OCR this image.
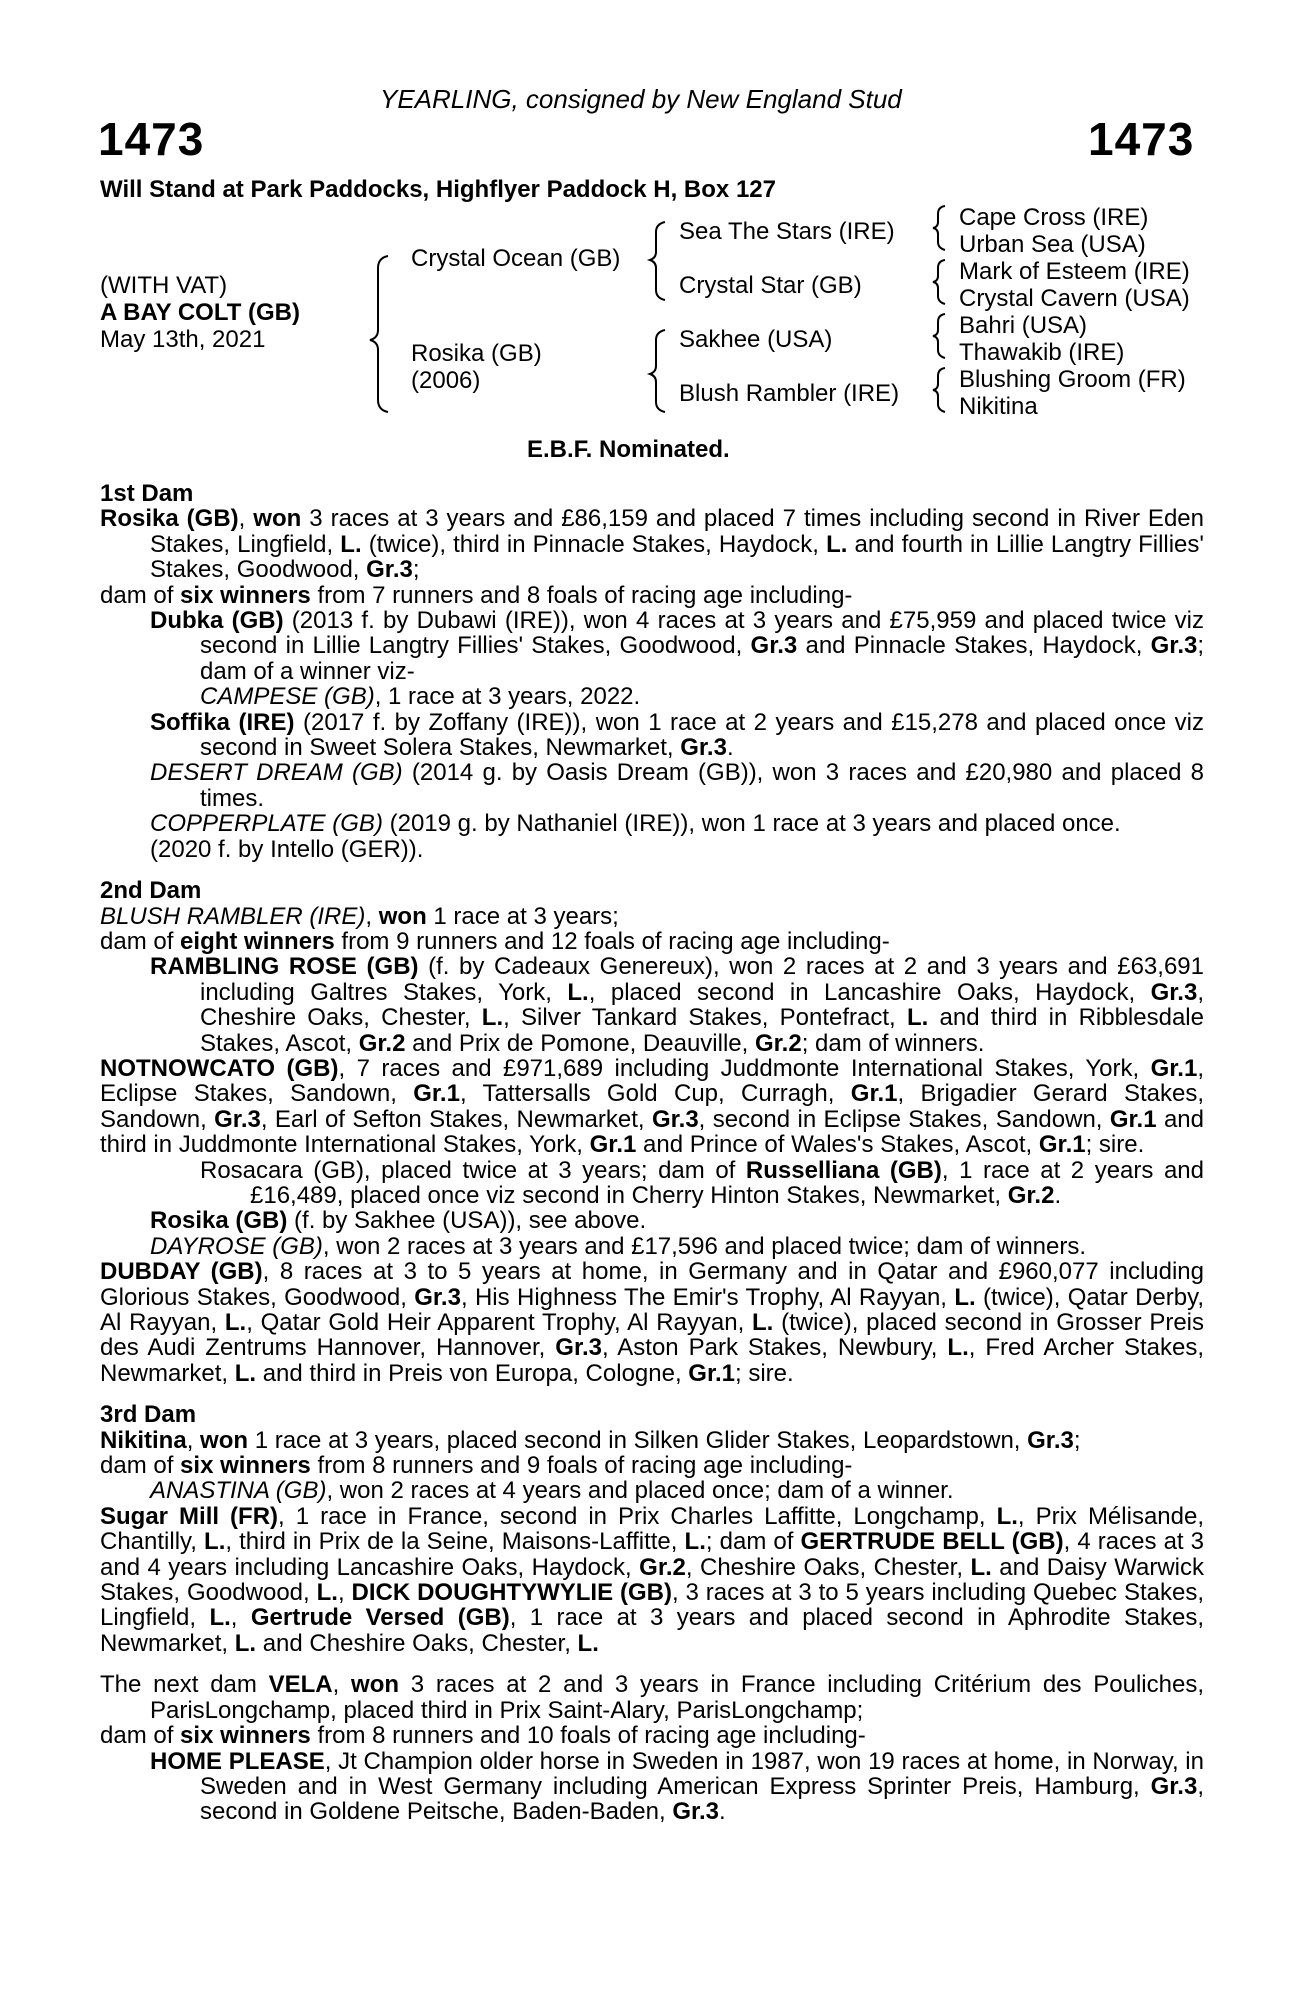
YEARLING, consigned by New England Stud
1473	1473
Will Stand at Park Paddocks, Highflyer Paddock H, Box 127
(WITH VAT)
A BAY COLT (GB)
May 13th, 2021
Crystal Ocean (GB)
Rosika (GB)
(2006)
Sea The Stars (IRE)
Crystal Star (GB)
Sakhee (USA)
Blush Rambler (IRE)
Cape Cross (IRE)
Urban Sea (USA)
Mark of Esteem (IRE)
Crystal Cavern (USA)
Bahri (USA)
Thawakib (IRE)
Blushing Groom (FR)
Nikitina
E.B.F. Nominated.
1st Dam
Rosika (GB), won 3 races at 3 years and £86,159 and placed 7 times including second in River Eden Stakes, Lingfield, L. (twice), third in Pinnacle Stakes, Haydock, L. and fourth in Lillie Langtry Fillies' Stakes, Goodwood, Gr.3;
dam of six winners from 7 runners and 8 foals of racing age including-
Dubka (GB) (2013 f. by Dubawi (IRE)), won 4 races at 3 years and £75,959 and placed twice viz second in Lillie Langtry Fillies' Stakes, Goodwood, Gr.3 and Pinnacle Stakes, Haydock, Gr.3; dam of a winner viz-
CAMPESE (GB), 1 race at 3 years, 2022.
Soffika (IRE) (2017 f. by Zoffany (IRE)), won 1 race at 2 years and £15,278 and placed once viz second in Sweet Solera Stakes, Newmarket, Gr.3.
DESERT DREAM (GB) (2014 g. by Oasis Dream (GB)), won 3 races and £20,980 and placed 8 times.
COPPERPLATE (GB) (2019 g. by Nathaniel (IRE)), won 1 race at 3 years and placed once.
(2020 f. by Intello (GER)).
2nd Dam
BLUSH RAMBLER (IRE), won 1 race at 3 years;
dam of eight winners from 9 runners and 12 foals of racing age including-
RAMBLING ROSE (GB) (f. by Cadeaux Genereux), won 2 races at 2 and 3 years and £63,691 including Galtres Stakes, York, L., placed second in Lancashire Oaks, Haydock, Gr.3, Cheshire Oaks, Chester, L., Silver Tankard Stakes, Pontefract, L. and third in Ribblesdale Stakes, Ascot, Gr.2 and Prix de Pomone, Deauville, Gr.2; dam of winners.
NOTNOWCATO (GB), 7 races and £971,689 including Juddmonte International Stakes, York, Gr.1, Eclipse Stakes, Sandown, Gr.1, Tattersalls Gold Cup, Curragh, Gr.1, Brigadier Gerard Stakes, Sandown, Gr.3, Earl of Sefton Stakes, Newmarket, Gr.3, second in Eclipse Stakes, Sandown, Gr.1 and third in Juddmonte International Stakes, York, Gr.1 and Prince of Wales's Stakes, Ascot, Gr.1; sire.
Rosacara (GB), placed twice at 3 years; dam of Russelliana (GB), 1 race at 2 years and £16,489, placed once viz second in Cherry Hinton Stakes, Newmarket, Gr.2.
Rosika (GB) (f. by Sakhee (USA)), see above.
DAYROSE (GB), won 2 races at 3 years and £17,596 and placed twice; dam of winners.
DUBDAY (GB), 8 races at 3 to 5 years at home, in Germany and in Qatar and £960,077 including Glorious Stakes, Goodwood, Gr.3, His Highness The Emir's Trophy, Al Rayyan, L. (twice), Qatar Derby, Al Rayyan, L., Qatar Gold Heir Apparent Trophy, Al Rayyan, L. (twice), placed second in Grosser Preis des Audi Zentrums Hannover, Hannover, Gr.3, Aston Park Stakes, Newbury, L., Fred Archer Stakes, Newmarket, L. and third in Preis von Europa, Cologne, Gr.1; sire.
3rd Dam
Nikitina, won 1 race at 3 years, placed second in Silken Glider Stakes, Leopardstown, Gr.3;
dam of six winners from 8 runners and 9 foals of racing age including-
ANASTINA (GB), won 2 races at 4 years and placed once; dam of a winner.
Sugar Mill (FR), 1 race in France, second in Prix Charles Laffitte, Longchamp, L., Prix Mélisande, Chantilly, L., third in Prix de la Seine, Maisons-Laffitte, L.; dam of GERTRUDE BELL (GB), 4 races at 3 and 4 years including Lancashire Oaks, Haydock, Gr.2, Cheshire Oaks, Chester, L. and Daisy Warwick Stakes, Goodwood, L., DICK DOUGHTYWYLIE (GB), 3 races at 3 to 5 years including Quebec Stakes, Lingfield, L., Gertrude Versed (GB), 1 race at 3 years and placed second in Aphrodite Stakes, Newmarket, L. and Cheshire Oaks, Chester, L.
The next dam VELA, won 3 races at 2 and 3 years in France including Critérium des Pouliches, ParisLongchamp, placed third in Prix Saint-Alary, ParisLongchamp;
dam of six winners from 8 runners and 10 foals of racing age including-
HOME PLEASE, Jt Champion older horse in Sweden in 1987, won 19 races at home, in Norway, in Sweden and in West Germany including American Express Sprinter Preis, Hamburg, Gr.3, second in Goldene Peitsche, Baden-Baden, Gr.3.
